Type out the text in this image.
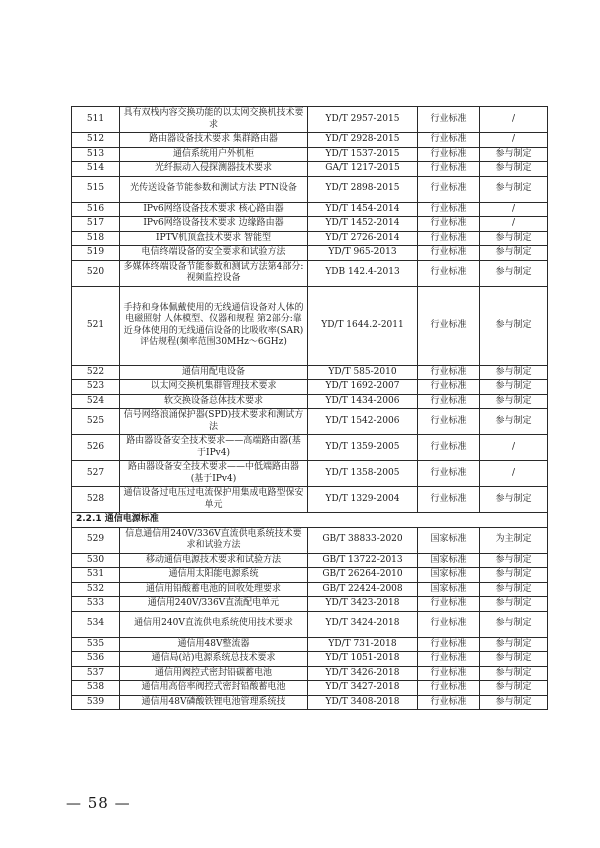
511	具有双栈内容交换功能的以太网交换机技术要求	YD/T 2957-2015	行业标准	/
512	路由器设备技术要求 集群路由器	YD/T 2928-2015	行业标准	/
513	通信系统用户外机柜	YD/T 1537-2015	行业标准	参与制定
514	光纤振动入侵探测器技术要求	GA/T 1217-2015	行业标准	参与制定
515	光传送设备节能参数和测试方法 PTN设备	YD/T 2898-2015	行业标准	参与制定
516	IPv6网络设备技术要求 核心路由器	YD/T 1454-2014	行业标准	/
517	IPv6网络设备技术要求 边缘路由器	YD/T 1452-2014	行业标准	/
518	IPTV机顶盒技术要求 智能型	YD/T 2726-2014	行业标准	参与制定
519	电信终端设备的安全要求和试验方法	YD/T 965-2013	行业标准	参与制定
520	多媒体终端设备节能参数和测试方法第4部分:视频监控设备	YDB 142.4-2013	行业标准	参与制定
521	手持和身体佩戴使用的无线通信设备对人体的电磁照射 人体模型、仪器和规程 第2部分:靠近身体使用的无线通信设备的比吸收率(SAR)评估规程(频率范围30MHz～6GHz)	YD/T 1644.2-2011	行业标准	参与制定
522	通信用配电设备	YD/T 585-2010	行业标准	参与制定
523	以太网交换机集群管理技术要求	YD/T 1692-2007	行业标准	参与制定
524	软交换设备总体技术要求	YD/T 1434-2006	行业标准	参与制定
525	信号网络浪涌保护器(SPD)技术要求和测试方法	YD/T 1542-2006	行业标准	参与制定
526	路由器设备安全技术要求——高端路由器(基于IPv4)	YD/T 1359-2005	行业标准	/
527	路由器设备安全技术要求——中低端路由器(基于IPv4)	YD/T 1358-2005	行业标准	/
528	通信设备过电压过电流保护用集成电路型保安单元	YD/T 1329-2004	行业标准	参与制定
2.2.1 通信电源标准				
529	信息通信用240V/336V直流供电系统技术要求和试验方法	GB/T 38833-2020	国家标准	为主制定
530	移动通信电源技术要求和试验方法	GB/T 13722-2013	国家标准	参与制定
531	通信用太阳能电源系统	GB/T 26264-2010	国家标准	参与制定
532	通信用铅酸蓄电池的回收处理要求	GB/T 22424-2008	国家标准	参与制定
533	通信用240V/336V直流配电单元	YD/T 3423-2018	行业标准	参与制定
534	通信用240V直流供电系统使用技术要求	YD/T 3424-2018	行业标准	参与制定
535	通信用48V整流器	YD/T 731-2018	行业标准	参与制定
536	通信局(站)电源系统总技术要求	YD/T 1051-2018	行业标准	参与制定
537	通信用阀控式密封铅碳蓄电池	YD/T 3426-2018	行业标准	参与制定
538	通信用高倍率阀控式密封铅酸蓄电池	YD/T 3427-2018	行业标准	参与制定
539	通信用48V磷酸铁锂电池管理系统技	YD/T 3408-2018	行业标准	参与制定
— 58 —
